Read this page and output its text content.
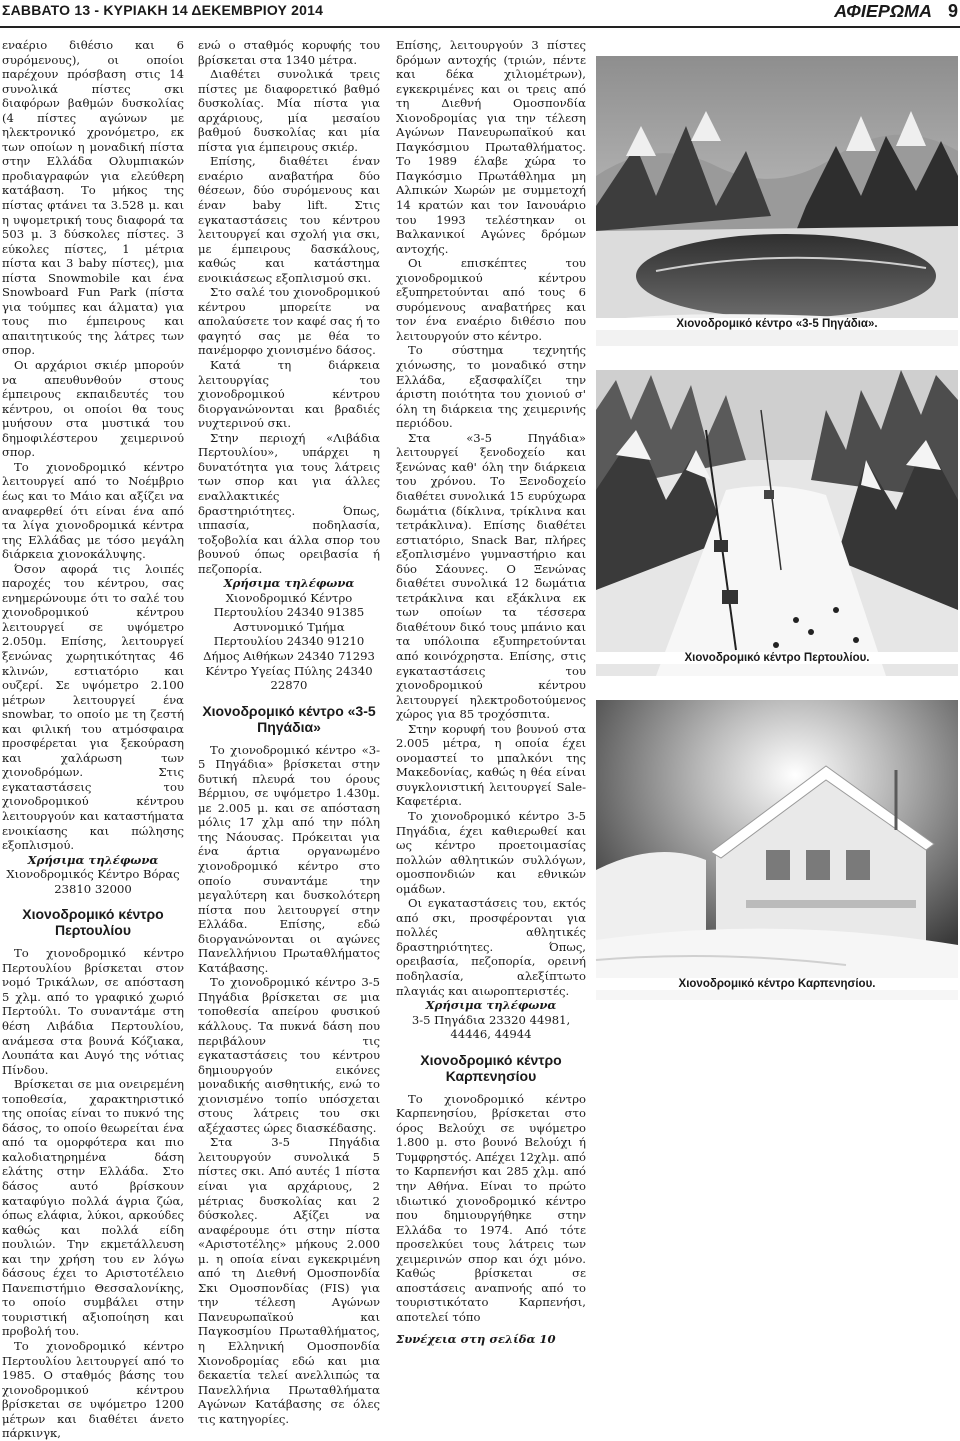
ΣΑΒΒΑΤΟ 13 - ΚΥΡΙΑΚΗ 14 ΔΕΚΕΜΒΡΙΟΥ 2014	ΑΦΙΕΡΩΜΑ 9

εναέριο διθέσιο και 6 συρόμενους), οι οποίοι παρέχουν πρόσβαση στις 14 συνολικά πίστες σκι διαφόρων βαθμών δυσκολίας (4 πίστες αγώνων με ηλεκτρονικό χρονόμετρο, εκ των οποίων η μοναδική πίστα στην Ελλάδα Ολυμπιακών προδιαγραφών για ελεύθερη κατάβαση. Το μήκος της πίστας φτάνει τα 3.528 μ. και η υψομετρική τους διαφορά τα 503 μ. 3 δύσκολες πίστες. 3 εύκολες πίστες, 1 μέτρια πίστα και 3 baby πίστες), μια πίστα Snowmobile και ένα Snowboard Fun Park (πίστα για τούμπες και άλματα) για τους πιο έμπειρους και απαιτητικούς της λάτρες των σπορ.

Οι αρχάριοι σκιέρ μπορούν να απευθυνθούν στους έμπειρους εκπαιδευτές του κέντρου, οι οποίοι θα τους μυήσουν στα μυστικά του δημοφιλέστερου χειμερινού σπορ.

Το χιονοδρομικό κέντρο λειτουργεί από το Νοέμβριο έως και το Μάιο και αξίζει να αναφερθεί ότι είναι ένα από τα λίγα χιονοδρομικά κέντρα της Ελλάδας με τόσο μεγάλη διάρκεια χιονοκάλυψης.

Όσον αφορά τις λοιπές παροχές του κέντρου, σας ενημερώνουμε ότι το σαλέ του χιονοδρομικού κέντρου λειτουργεί σε υψόμετρο 2.050μ. Επίσης, λειτουργεί ξενώνας χωρητικότητας 46 κλινών, εστιατόριο και ουζερί. Σε υψόμετρο 2.100 μέτρων λειτουργεί ένα snowbar, το οποίο με τη ζεστή και φιλική του ατμόσφαιρα προσφέρεται για ξεκούραση και χαλάρωση των χιονοδρόμων. Στις εγκαταστάσεις του χιονοδρομικού κέντρου λειτουργούν και καταστήματα ενοικίασης και πώλησης εξοπλισμού.

Χρήσιμα τηλέφωνα

Χιονοδρομικός Κέντρο Βόρας 23810 32000

Χιονοδρομικό κέντρο Περτουλίου

Το χιονοδρομικό κέντρο Περτουλίου βρίσκεται στον νομό Τρικάλων, σε απόσταση 5 χλμ. από το γραφικό χωριό Περτούλι. Το συναντάμε στη θέση Λιβάδια Περτουλίου, ανάμεσα στα βουνά Κόζιακα, Λουπάτα και Αυγό της νότιας Πίνδου.

Βρίσκεται σε μια ονειρεμένη τοποθεσία, χαρακτηριστικό της οποίας είναι το πυκνό της δάσος, το οποίο θεωρείται ένα από τα ομορφότερα και πιο καλοδιατηρημένα δάση ελάτης στην Ελλάδα. Στο δάσος αυτό βρίσκουν καταφύγιο πολλά άγρια ζώα, όπως ελάφια, λύκοι, αρκούδες καθώς και πολλά είδη πουλιών. Την εκμετάλλευση και την χρήση του εν λόγω δάσους έχει το Αριστοτέλειο Πανεπιστήμιο Θεσσαλονίκης, το οποίο συμβάλει στην τουριστική αξιοποίηση και προβολή του.

Το χιονοδρομικό κέντρο Περτουλίου λειτουργεί από το 1985. Ο σταθμός βάσης του χιονοδρομικού κέντρου βρίσκεται σε υψόμετρο 1200 μέτρων και διαθέτει άνετο πάρκινγκ,

ενώ ο σταθμός κορυφής του βρίσκεται στα 1340 μέτρα.

Διαθέτει συνολικά τρεις πίστες με διαφορετικό βαθμό δυσκολίας. Μία πίστα για αρχάριους, μία μεσαίου βαθμού δυσκολίας και μία πίστα για έμπειρους σκιέρ.

Επίσης, διαθέτει έναν εναέριο αναβατήρα δύο θέσεων, δύο συρόμενους και έναν baby lift. Στις εγκαταστάσεις του κέντρου λειτουργεί και σχολή για σκι, με έμπειρους δασκάλους, καθώς και κατάστημα ενοικιάσεως εξοπλισμού σκι.

Στο σαλέ του χιονοδρομικού κέντρου μπορείτε να απολαύσετε τον καφέ σας ή το φαγητό σας με θέα το πανέμορφο χιονισμένο δάσος.

Κατά τη διάρκεια λειτουργίας του χιονοδρομικού κέντρου διοργανώνονται και βραδιές νυχτερινού σκι.

Στην περιοχή «Λιβάδια Περτουλίου», υπάρχει η δυνατότητα για τους λάτρεις των σπορ και για άλλες εναλλακτικές δραστηριότητες. Όπως, ιππασία, ποδηλασία, τοξοβολία και άλλα σπορ του βουνού όπως ορειβασία ή πεζοπορία.

Χρήσιμα τηλέφωνα

Χιονοδρομικό Κέντρο Περτουλίου 24340 91385

Αστυνομικό Τμήμα Περτουλίου 24340 91210

Δήμος Αιθήκων 24340 71293

Κέντρο Υγείας Πύλης 24340 22870

Χιονοδρομικό κέντρο «3-5 Πηγάδια»

Το χιονοδρομικό κέντρο «3-5 Πηγάδια» βρίσκεται στην δυτική πλευρά του όρους Βέρμιου, σε υψόμετρο 1.430μ. με 2.005 μ. και σε απόσταση μόλις 17 χλμ από την πόλη της Νάουσας. Πρόκειται για ένα άρτια οργανωμένο χιονοδρομικό κέντρο στο οποίο συναντάμε την μεγαλύτερη και δυσκολότερη πίστα που λειτουργεί στην Ελλάδα. Επίσης, εδώ διοργανώνονται οι αγώνες Πανελλήνιου Πρωταθλήματος Κατάβασης.

Το χιονοδρομικό κέντρο 3-5 Πηγάδια βρίσκεται σε μια τοποθεσία απείρου φυσικού κάλλους. Τα πυκνά δάση που περιβάλουν τις εγκαταστάσεις του κέντρου δημιουργούν εικόνες μοναδικής αισθητικής, ενώ το χιονισμένο τοπίο υπόσχεται στους λάτρεις του σκι αξέχαστες ώρες διασκέδασης.

Στα 3-5 Πηγάδια λειτουργούν συνολικά 5 πίστες σκι. Από αυτές 1 πίστα είναι για αρχάριους, 2 μέτριας δυσκολίας και 2 δύσκολες. Αξίζει να αναφέρουμε ότι στην πίστα «Αριστοτέλης» μήκους 2.000 μ. η οποία είναι εγκεκριμένη από τη Διεθνή Ομοσπονδία Σκι Ομοσπονδίας (FIS) για την τέλεση Αγώνων Πανευρωπαϊκού και Παγκοσμίου Πρωταθλήματος, η Ελληνική Ομοσπονδία Χιονοδρομίας εδώ και μια δεκαετία τελεί ανελλιπώς τα Πανελλήνια Πρωταθλήματα Αγώνων Κατάβασης σε όλες τις κατηγορίες.

Επίσης, λειτουργούν 3 πίστες δρόμων αντοχής (τριών, πέντε και δέκα χιλιομέτρων), εγκεκριμένες και οι τρεις από τη Διεθνή Ομοσπονδία Χιονοδρομίας για την τέλεση Αγώνων Πανευρωπαϊκού και Παγκόσμιου Πρωταθλήματος. Το 1989 έλαβε χώρα το Παγκόσμιο Πρωτάθλημα μη Αλπικών Χωρών με συμμετοχή 14 κρατών και τον Ιανουάριο του 1993 τελέστηκαν οι Βαλκανικοί Αγώνες δρόμων αντοχής.

Οι επισκέπτες του χιονοδρομικού κέντρου εξυπηρετούνται από τους 6 συρόμενους αναβατήρες και τον ένα εναέριο διθέσιο που λειτουργούν στο κέντρο.

Το σύστημα τεχνητής χιόνωσης, το μοναδικό στην Ελλάδα, εξασφαλίζει την άριστη ποιότητα του χιονιού σ' όλη τη διάρκεια της χειμερινής περιόδου.

Στα «3-5 Πηγάδια» λειτουργεί ξενοδοχείο και ξενώνας καθ' όλη την διάρκεια του χρόνου. Το Ξενοδοχείο διαθέτει συνολικά 15 ευρύχωρα δωμάτια (δίκλινα, τρίκλινα και τετράκλινα). Επίσης διαθέτει εστιατόριο, Snack Bar, πλήρες εξοπλισμένο γυμναστήριο και δύο Σάουνες. Ο Ξενώνας διαθέτει συνολικά 12 δωμάτια τετράκλινα και εξάκλινα εκ των οποίων τα τέσσερα διαθέτουν δικό τους μπάνιο και τα υπόλοιπα εξυπηρετούνται από κοινόχρηστα. Επίσης, στις εγκαταστάσεις του χιονοδρομικού κέντρου λειτουργεί ηλεκτροδοτούμενος χώρος για 85 τροχόσπιτα.

Στην κορυφή του βουνού στα 2.005 μέτρα, η οποία έχει ονομαστεί το μπαλκόνι της Μακεδονίας, καθώς η θέα είναι συγκλονιστική λειτουργεί Sale- Καφετέρια.

Το χιονοδρομικό κέντρο 3-5 Πηγάδια, έχει καθιερωθεί και ως κέντρο προετοιμασίας πολλών αθλητικών συλλόγων, ομοσπονδιών και εθνικών ομάδων.

Οι εγκαταστάσεις του, εκτός από σκι, προσφέρονται για πολλές αθλητικές δραστηριότητες. Όπως, ορειβασία, πεζοπορία, ορεινή ποδηλασία, αλεξίπτωτο πλαγιάς και αιωροπτεριστές.

Χρήσιμα τηλέφωνα

3-5 Πηγάδια 23320 44981, 44446, 44944

Χιονοδρομικό κέντρο Καρπενησίου

Το χιονοδρομικό κέντρο Καρπενησίου, βρίσκεται στο όρος Βελούχι σε υψόμετρο 1.800 μ. στο βουνό Βελούχι ή Τυμφρηστός. Απέχει 12χλμ. από το Καρπενήσι και 285 χλμ. από την Αθήνα. Είναι το πρώτο ιδιωτικό χιονοδρομικό κέντρο που δημιουργήθηκε στην Ελλάδα το 1974. Από τότε προσελκύει τους λάτρεις των χειμερινών σπορ και όχι μόνο. Καθώς βρίσκεται σε αποστάσεις αναπνοής από το τουριστικότατο Καρπενήσι, αποτελεί τόπο

Συνέχεια στη σελίδα 10

Χιονοδρομικό κέντρο «3-5 Πηγάδια».
Χιονοδρομικό κέντρο Περτουλίου.
Χιονοδρομικό κέντρο Καρπενησίου.
